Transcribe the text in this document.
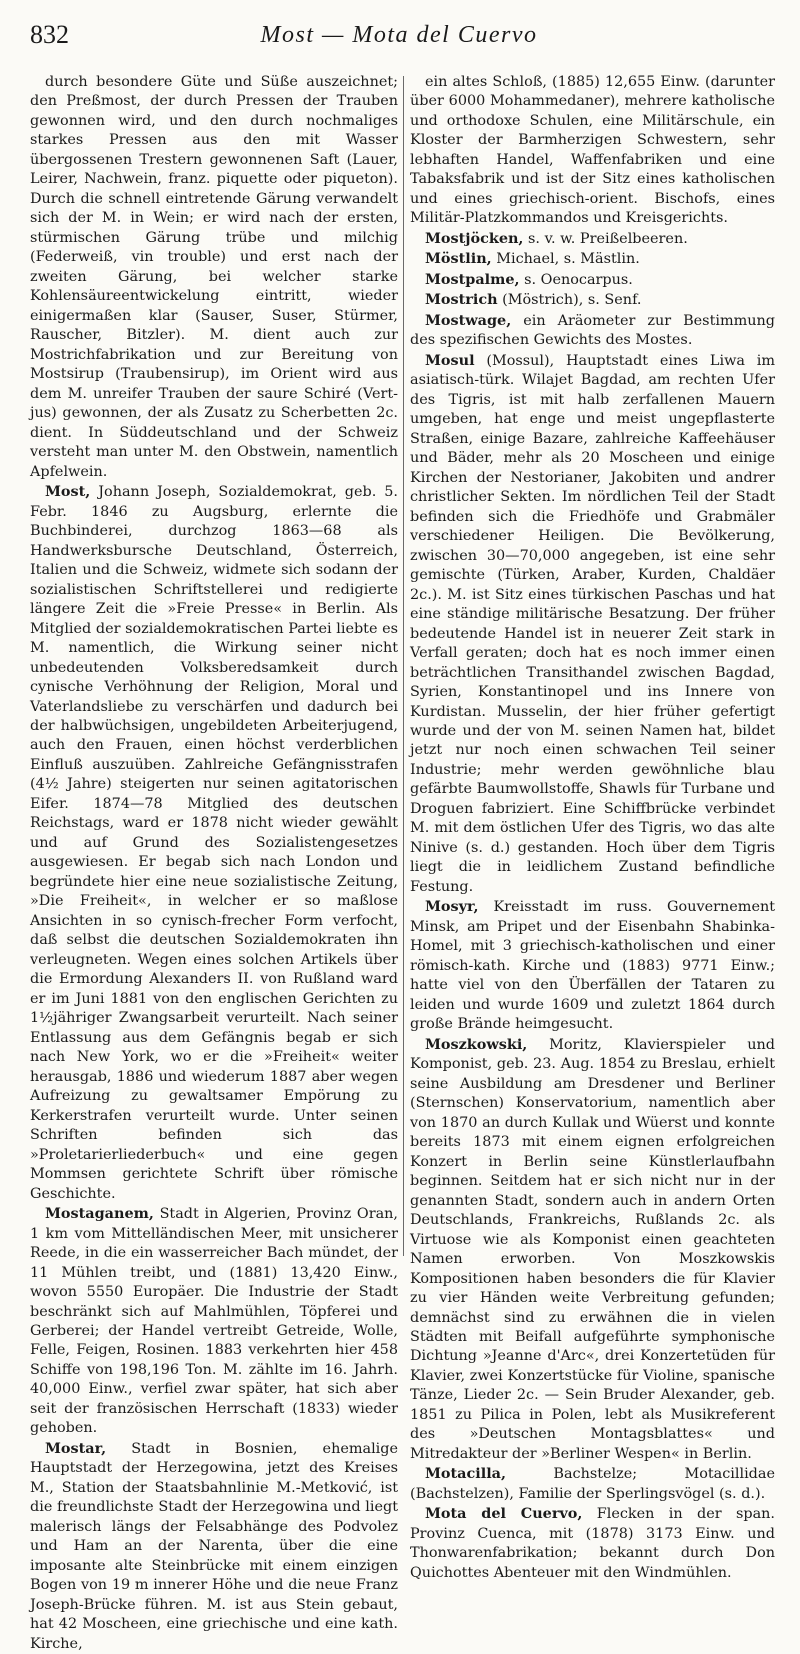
832	Most — Mota del Cuervo

durch besondere Güte und Süße auszeichnet; den Preßmost, der durch Pressen der Trauben gewonnen wird, und den durch nochmaliges starkes Pressen aus den mit Wasser übergossenen Trestern gewonnenen Saft (Lauer, Leirer, Nachwein, franz. piquette oder piqueton). Durch die schnell eintretende Gärung verwandelt sich der M. in Wein; er wird nach der ersten, stürmischen Gärung trübe und milchig (Federweiß, vin trouble) und erst nach der zweiten Gärung, bei welcher starke Kohlensäureentwickelung eintritt, wieder einigermaßen klar (Sauser, Suser, Stürmer, Rauscher, Bitzler). M. dient auch zur Mostrichfabrikation und zur Bereitung von Mostsirup (Traubensirup), im Orient wird aus dem M. unreifer Trauben der saure Schiré (Vert-jus) gewonnen, der als Zusatz zu Scherbetten 2c. dient. In Süddeutschland und der Schweiz versteht man unter M. den Obstwein, namentlich Apfelwein.

Most, Johann Joseph, Sozialdemokrat, geb. 5. Febr. 1846 zu Augsburg, erlernte die Buchbinderei, durchzog 1863—68 als Handwerksbursche Deutschland, Österreich, Italien und die Schweiz, widmete sich sodann der sozialistischen Schriftstellerei und redigierte längere Zeit die »Freie Presse« in Berlin. Als Mitglied der sozialdemokratischen Partei liebte es M. namentlich, die Wirkung seiner nicht unbedeutenden Volksberedsamkeit durch cynische Verhöhnung der Religion, Moral und Vaterlandsliebe zu verschärfen und dadurch bei der halbwüchsigen, ungebildeten Arbeiterjugend, auch den Frauen, einen höchst verderblichen Einfluß auszuüben. Zahlreiche Gefängnisstrafen (4½ Jahre) steigerten nur seinen agitatorischen Eifer. 1874—78 Mitglied des deutschen Reichstags, ward er 1878 nicht wieder gewählt und auf Grund des Sozialistengesetzes ausgewiesen. Er begab sich nach London und begründete hier eine neue sozialistische Zeitung, »Die Freiheit«, in welcher er so maßlose Ansichten in so cynisch-frecher Form verfocht, daß selbst die deutschen Sozialdemokraten ihn verleugneten. Wegen eines solchen Artikels über die Ermordung Alexanders II. von Rußland ward er im Juni 1881 von den englischen Gerichten zu 1½jähriger Zwangsarbeit verurteilt. Nach seiner Entlassung aus dem Gefängnis begab er sich nach New York, wo er die »Freiheit« weiter herausgab, 1886 und wiederum 1887 aber wegen Aufreizung zu gewaltsamer Empörung zu Kerkerstrafen verurteilt wurde. Unter seinen Schriften befinden sich das »Proletarierliederbuch« und eine gegen Mommsen gerichtete Schrift über römische Geschichte.

Mostaganem, Stadt in Algerien, Provinz Oran, 1 km vom Mittelländischen Meer, mit unsicherer Reede, in die ein wasserreicher Bach mündet, der 11 Mühlen treibt, und (1881) 13,420 Einw., wovon 5550 Europäer. Die Industrie der Stadt beschränkt sich auf Mahlmühlen, Töpferei und Gerberei; der Handel vertreibt Getreide, Wolle, Felle, Feigen, Rosinen. 1883 verkehrten hier 458 Schiffe von 198,196 Ton. M. zählte im 16. Jahrh. 40,000 Einw., verfiel zwar später, hat sich aber seit der französischen Herrschaft (1833) wieder gehoben.

Mostar, Stadt in Bosnien, ehemalige Hauptstadt der Herzegowina, jetzt des Kreises M., Station der Staatsbahnlinie M.-Metković, ist die freundlichste Stadt der Herzegowina und liegt malerisch längs der Felsabhänge des Podvolez und Ham an der Narenta, über die eine imposante alte Steinbrücke mit einem einzigen Bogen von 19 m innerer Höhe und die neue Franz Joseph-Brücke führen. M. ist aus Stein gebaut, hat 42 Moscheen, eine griechische und eine kath. Kirche,

ein altes Schloß, (1885) 12,655 Einw. (darunter über 6000 Mohammedaner), mehrere katholische und orthodoxe Schulen, eine Militärschule, ein Kloster der Barmherzigen Schwestern, sehr lebhaften Handel, Waffenfabriken und eine Tabaksfabrik und ist der Sitz eines katholischen und eines griechisch-orient. Bischofs, eines Militär-Platzkommandos und Kreisgerichts.

Mostjöcken, s. v. w. Preißelbeeren.

Möstlin, Michael, s. Mästlin.

Mostpalme, s. Oenocarpus.

Mostrich (Möstrich), s. Senf.

Mostwage, ein Aräometer zur Bestimmung des spezifischen Gewichts des Mostes.

Mosul (Mossul), Hauptstadt eines Liwa im asiatisch-türk. Wilajet Bagdad, am rechten Ufer des Tigris, ist mit halb zerfallenen Mauern umgeben, hat enge und meist ungepflasterte Straßen, einige Bazare, zahlreiche Kaffeehäuser und Bäder, mehr als 20 Moscheen und einige Kirchen der Nestorianer, Jakobiten und andrer christlicher Sekten. Im nördlichen Teil der Stadt befinden sich die Friedhöfe und Grabmäler verschiedener Heiligen. Die Bevölkerung, zwischen 30—70,000 angegeben, ist eine sehr gemischte (Türken, Araber, Kurden, Chaldäer 2c.). M. ist Sitz eines türkischen Paschas und hat eine ständige militärische Besatzung. Der früher bedeutende Handel ist in neuerer Zeit stark in Verfall geraten; doch hat es noch immer einen beträchtlichen Transithandel zwischen Bagdad, Syrien, Konstantinopel und ins Innere von Kurdistan. Musselin, der hier früher gefertigt wurde und der von M. seinen Namen hat, bildet jetzt nur noch einen schwachen Teil seiner Industrie; mehr werden gewöhnliche blau gefärbte Baumwollstoffe, Shawls für Turbane und Droguen fabriziert. Eine Schiffbrücke verbindet M. mit dem östlichen Ufer des Tigris, wo das alte Ninive (s. d.) gestanden. Hoch über dem Tigris liegt die in leidlichem Zustand befindliche Festung.

Mosyr, Kreisstadt im russ. Gouvernement Minsk, am Pripet und der Eisenbahn Shabinka-Homel, mit 3 griechisch-katholischen und einer römisch-kath. Kirche und (1883) 9771 Einw.; hatte viel von den Überfällen der Tataren zu leiden und wurde 1609 und zuletzt 1864 durch große Brände heimgesucht.

Moszkowski, Moritz, Klavierspieler und Komponist, geb. 23. Aug. 1854 zu Breslau, erhielt seine Ausbildung am Dresdener und Berliner (Sternschen) Konservatorium, namentlich aber von 1870 an durch Kullak und Wüerst und konnte bereits 1873 mit einem eignen erfolgreichen Konzert in Berlin seine Künstlerlaufbahn beginnen. Seitdem hat er sich nicht nur in der genannten Stadt, sondern auch in andern Orten Deutschlands, Frankreichs, Rußlands 2c. als Virtuose wie als Komponist einen geachteten Namen erworben. Von Moszkowskis Kompositionen haben besonders die für Klavier zu vier Händen weite Verbreitung gefunden; demnächst sind zu erwähnen die in vielen Städten mit Beifall aufgeführte symphonische Dichtung »Jeanne d'Arc«, drei Konzertetüden für Klavier, zwei Konzertstücke für Violine, spanische Tänze, Lieder 2c. — Sein Bruder Alexander, geb. 1851 zu Pilica in Polen, lebt als Musikreferent des »Deutschen Montagsblattes« und Mitredakteur der »Berliner Wespen« in Berlin.

Motacilla,	Bachstelze; Motacillidae (Bachstelzen), Familie der Sperlingsvögel (s. d.).

Mota del Cuervo, Flecken in der span. Provinz Cuenca, mit (1878) 3173 Einw. und Thonwarenfabrikation; bekannt durch Don Quichottes Abenteuer mit den Windmühlen.
